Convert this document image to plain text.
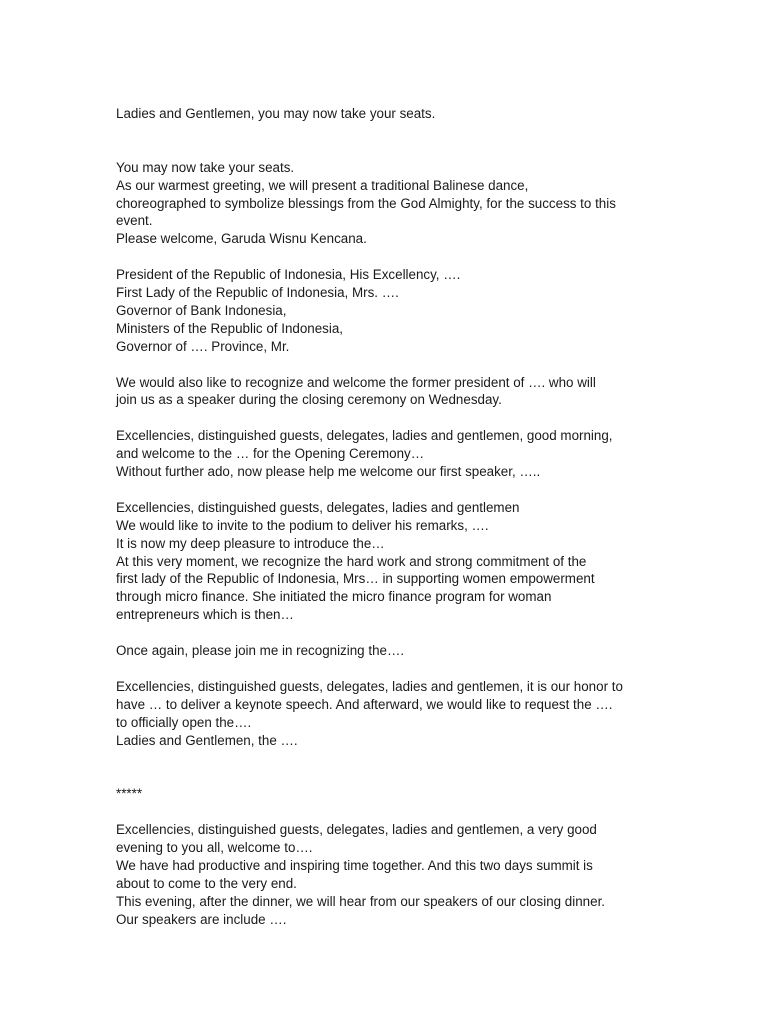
Ladies and Gentlemen, you may now take your seats.
You may now take your seats.
As our warmest greeting, we will present a traditional Balinese dance,
choreographed to symbolize blessings from the God Almighty, for the success to this
event.
Please welcome, Garuda Wisnu Kencana.
President of the Republic of Indonesia, His Excellency, ….
First Lady of the Republic of Indonesia, Mrs. ….
Governor of Bank Indonesia,
Ministers of the Republic of Indonesia,
Governor of …. Province, Mr.
We would also like to recognize and welcome the former president of …. who will
join us as a speaker during the closing ceremony on Wednesday.
Excellencies, distinguished guests, delegates, ladies and gentlemen, good morning,
and welcome to the … for the Opening Ceremony…
Without further ado, now please help me welcome our first speaker, …..
Excellencies, distinguished guests, delegates, ladies and gentlemen
We would like to invite to the podium to deliver his remarks, ….
It is now my deep pleasure to introduce the…
At this very moment, we recognize the hard work and strong commitment of the
first lady of the Republic of Indonesia, Mrs… in supporting women empowerment
through micro finance. She initiated the micro finance program for woman
entrepreneurs which is then…
Once again, please join me in recognizing the….
Excellencies, distinguished guests, delegates, ladies and gentlemen, it is our honor to
have … to deliver a keynote speech. And afterward, we would like to request the ….
to officially open the….
Ladies and Gentlemen, the ….
*****
Excellencies, distinguished guests, delegates, ladies and gentlemen, a very good
evening to you all, welcome to….
We have had productive and inspiring time together. And this two days summit is
about to come to the very end.
This evening, after the dinner, we will hear from our speakers of our closing dinner.
Our speakers are include ….
